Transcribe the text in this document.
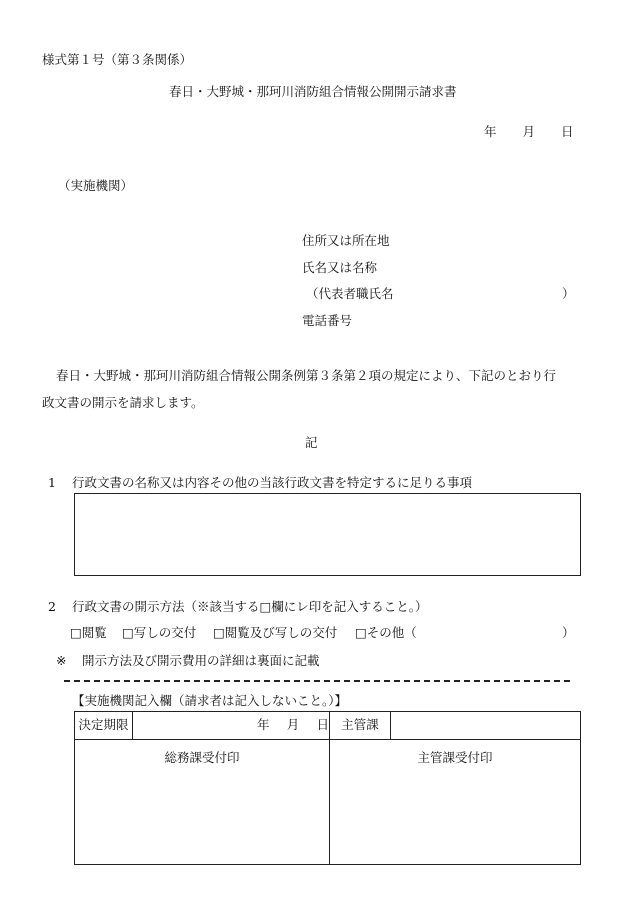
様式第１号（第３条関係）
春日・大野城・那珂川消防組合情報公開開示請求書
年 月 日
（実施機関）
住所又は所在地
氏名又は名称
（代表者職氏名	）
電話番号
春日・大野城・那珂川消防組合情報公開条例第３条第２項の規定により、下記のとおり行
政文書の開示を請求します。
記
1 行政文書の名称又は内容その他の当該行政文書を特定するに足りる事項
2 行政文書の開示方法（※該当する□欄にレ印を記入すること。）
□閲覧 □写しの交付 □閲覧及び写しの交付 □その他（	）
※ 開示方法及び開示費用の詳細は裏面に記載
【実施機関記入欄（請求者は記入しないこと。）】
決定期限	年 月 日	主管課	
総務課受付印		主管課受付印	
